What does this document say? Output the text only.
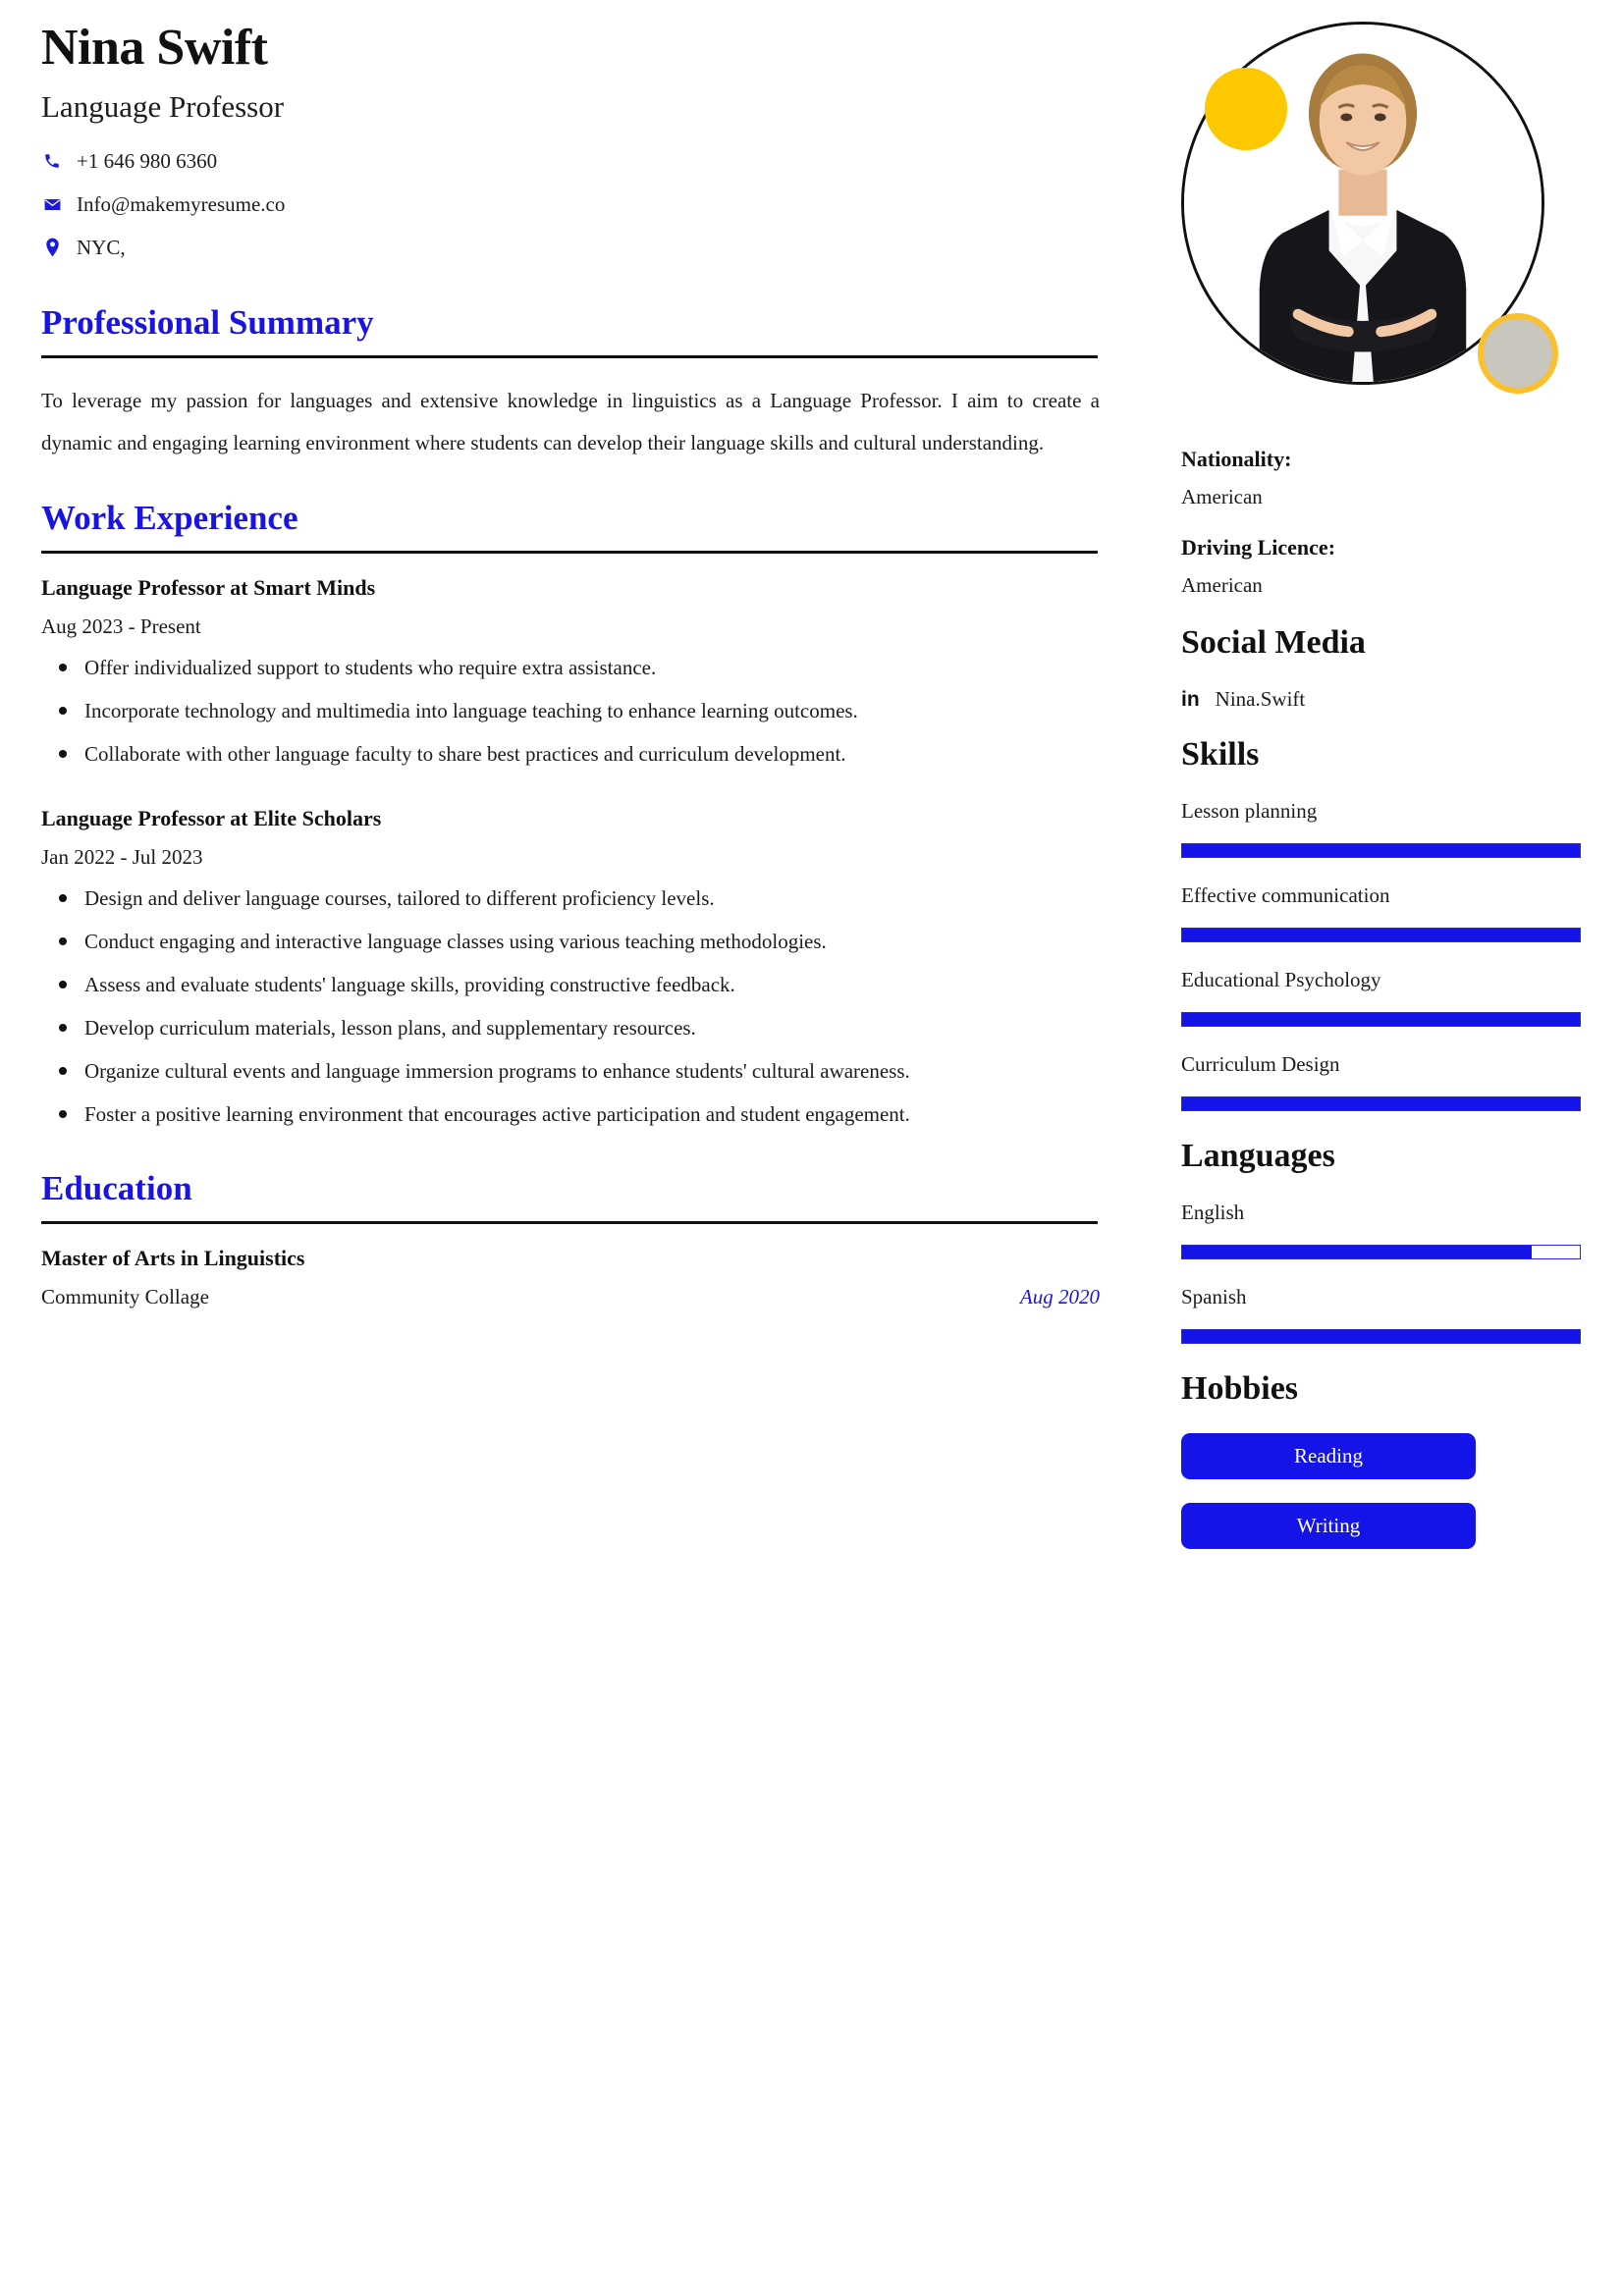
Nina Swift
Language Professor
+1 646 980 6360
Info@makemyresume.co
NYC,
Professional Summary

To leverage my passion for languages and extensive knowledge in linguistics as a Language Professor. I aim to create a dynamic and engaging learning environment where students can develop their language skills and cultural understanding.

Work Experience
Language Professor at Smart Minds
Aug 2023 - Present
Offer individualized support to students who require extra assistance.
Incorporate technology and multimedia into language teaching to enhance learning outcomes.
Collaborate with other language faculty to share best practices and curriculum development.
Language Professor at Elite Scholars
Jan 2022 - Jul 2023
Design and deliver language courses, tailored to different proficiency levels.
Conduct engaging and interactive language classes using various teaching methodologies.
Assess and evaluate students' language skills, providing constructive feedback.
Develop curriculum materials, lesson plans, and supplementary resources.
Organize cultural events and language immersion programs to enhance students' cultural awareness.
Foster a positive learning environment that encourages active participation and student engagement.
Education
Master of Arts in Linguistics
Community Collage	Aug 2020
Nationality:
American
Driving Licence:
American
Social Media
in Nina.Swift
Skills
Lesson planning
Effective communication
Educational Psychology
Curriculum Design
Languages
English
Spanish
Hobbies
Reading
Writing
